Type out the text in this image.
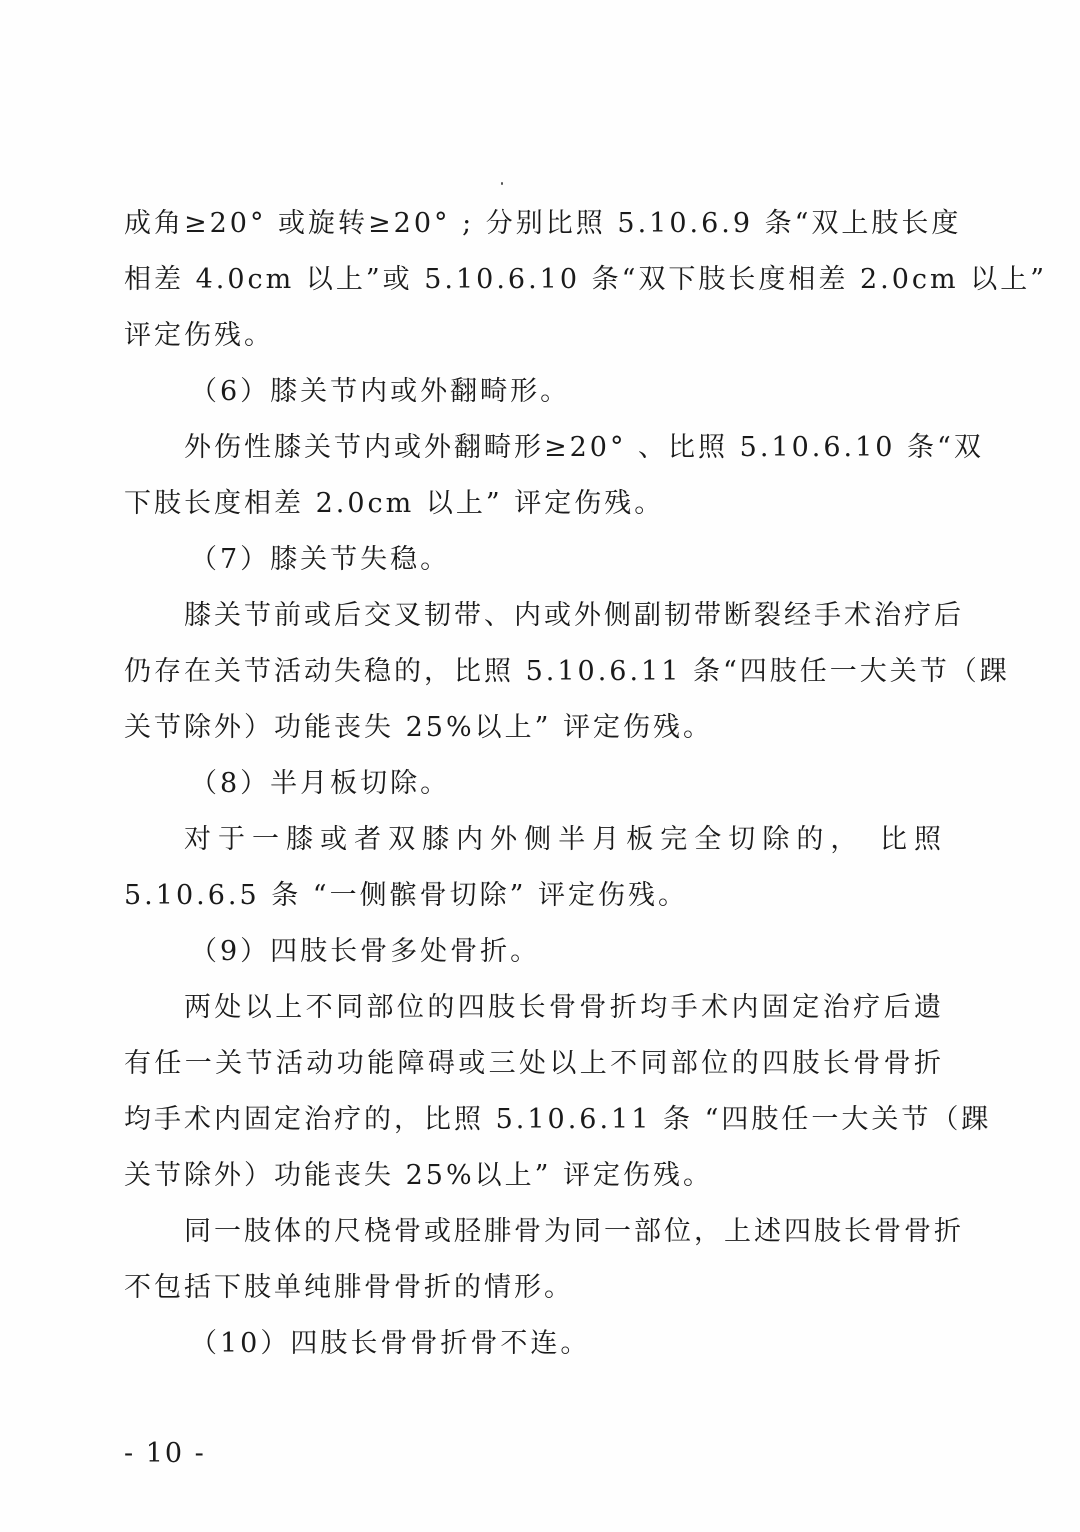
成角≥20° 或旋转≥20° ; 分别比照 5.10.6.9 条“双上肢长度
相差 4.0cm 以上”或 5.10.6.10 条“双下肢长度相差 2.0cm 以上”
评定伤残。
（6）膝关节内或外翻畸形。
外伤性膝关节内或外翻畸形≥20° 、比照 5.10.6.10 条“双
下肢长度相差 2.0cm 以上” 评定伤残。
（7）膝关节失稳。
膝关节前或后交叉韧带、内或外侧副韧带断裂经手术治疗后
仍存在关节活动失稳的，比照 5.10.6.11 条“四肢任一大关节（踝
关节除外）功能丧失 25%以上” 评定伤残。
（8）半月板切除。
对于一膝或者双膝内外侧半月板完全切除的， 比照
5.10.6.5 条 “一侧髌骨切除” 评定伤残。
（9）四肢长骨多处骨折。
两处以上不同部位的四肢长骨骨折均手术内固定治疗后遗
有任一关节活动功能障碍或三处以上不同部位的四肢长骨骨折
均手术内固定治疗的，比照 5.10.6.11 条 “四肢任一大关节（踝
关节除外）功能丧失 25%以上” 评定伤残。
同一肢体的尺桡骨或胫腓骨为同一部位，上述四肢长骨骨折
不包括下肢单纯腓骨骨折的情形。
（10）四肢长骨骨折骨不连。
- 10 -
